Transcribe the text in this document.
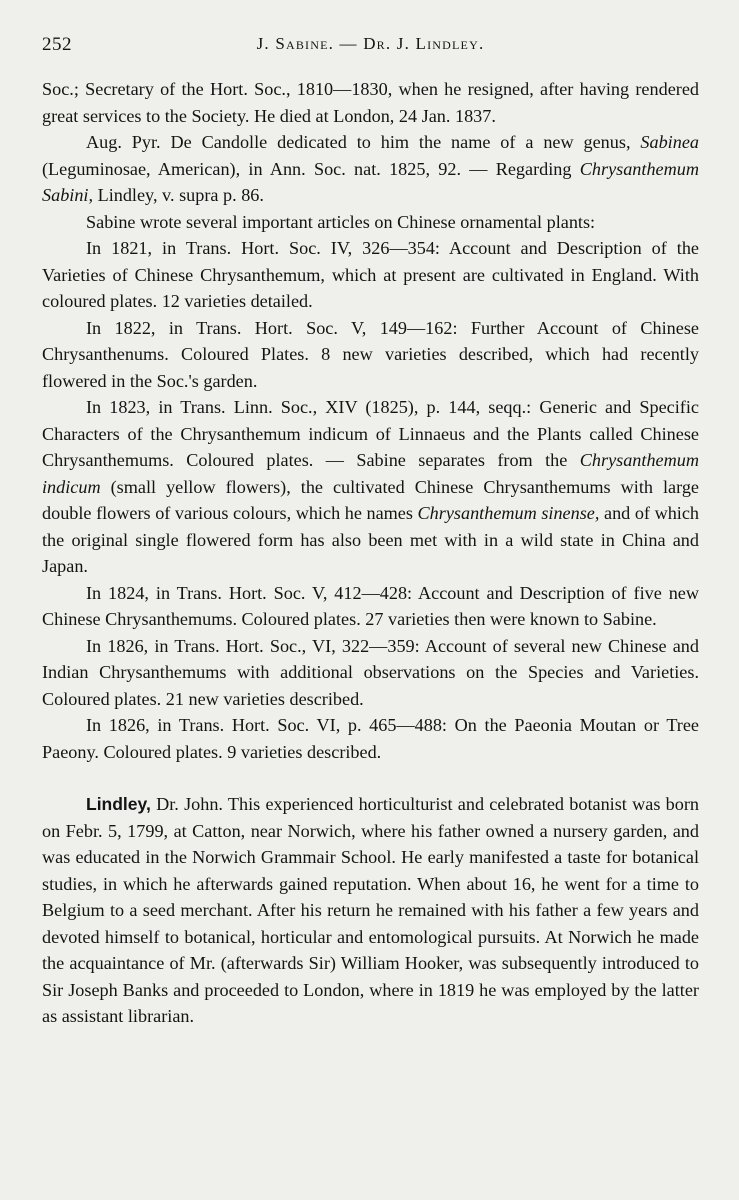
252	J. Sabine. — Dr. J. Lindley.

Soc.; Secretary of the Hort. Soc., 1810—1830, when he resigned, after having rendered great services to the Society. He died at London, 24 Jan. 1837.

Aug. Pyr. De Candolle dedicated to him the name of a new genus, Sabinea (Leguminosae, American), in Ann. Soc. nat. 1825, 92. — Regarding Chrysanthemum Sabini, Lindley, v. supra p. 86.

Sabine wrote several important articles on Chinese ornamental plants:

In 1821, in Trans. Hort. Soc. IV, 326—354: Account and Description of the Varieties of Chinese Chrysanthemum, which at present are cultivated in England. With coloured plates. 12 varieties detailed.

In 1822, in Trans. Hort. Soc. V, 149—162: Further Account of Chinese Chrysanthenums. Coloured Plates. 8 new varieties described, which had recently flowered in the Soc.'s garden.

In 1823, in Trans. Linn. Soc., XIV (1825), p. 144, seqq.: Generic and Specific Characters of the Chrysanthemum indicum of Linnaeus and the Plants called Chinese Chrysanthemums. Coloured plates. — Sabine separates from the Chrysanthemum indicum (small yellow flowers), the cultivated Chinese Chrysanthemums with large double flowers of various colours, which he names Chrysanthemum sinense, and of which the original single flowered form has also been met with in a wild state in China and Japan.

In 1824, in Trans. Hort. Soc. V, 412—428: Account and Description of five new Chinese Chrysanthemums. Coloured plates. 27 varieties then were known to Sabine.

In 1826, in Trans. Hort. Soc., VI, 322—359: Account of several new Chinese and Indian Chrysanthemums with additional observations on the Species and Varieties. Coloured plates. 21 new varieties described.

In 1826, in Trans. Hort. Soc. VI, p. 465—488: On the Paeonia Moutan or Tree Paeony. Coloured plates. 9 varieties described.

Lindley, Dr. John. This experienced horticulturist and celebrated botanist was born on Febr. 5, 1799, at Catton, near Norwich, where his father owned a nursery garden, and was educated in the Norwich Grammair School. He early manifested a taste for botanical studies, in which he afterwards gained reputation. When about 16, he went for a time to Belgium to a seed merchant. After his return he remained with his father a few years and devoted himself to botanical, horticular and entomological pursuits. At Norwich he made the acquaintance of Mr. (afterwards Sir) William Hooker, was subsequently introduced to Sir Joseph Banks and proceeded to London, where in 1819 he was employed by the latter as assistant librarian.
